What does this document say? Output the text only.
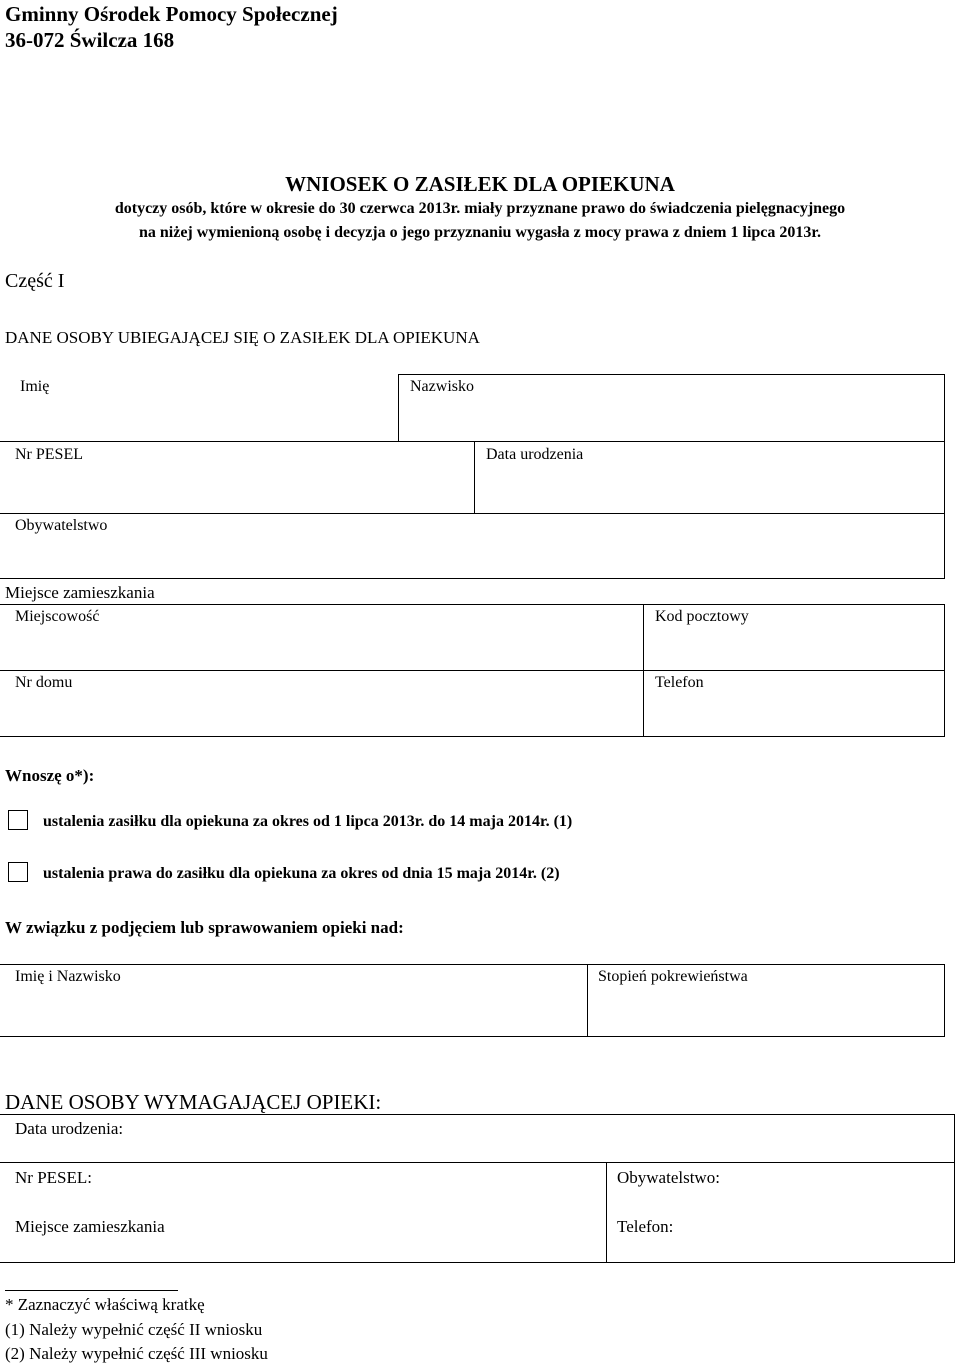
Gminny Ośrodek Pomocy Społecznej
36-072 Świlcza 168
WNIOSEK O ZASIŁEK DLA OPIEKUNA
dotyczy osób, które w okresie do 30 czerwca 2013r. miały przyznane prawo do świadczenia pielęgnacyjnego
na niżej wymienioną osobę i decyzja o jego przyznaniu wygasła z mocy prawa z dniem 1 lipca 2013r.
Część I
DANE OSOBY UBIEGAJĄCEJ SIĘ O ZASIŁEK DLA OPIEKUNA
Imię	Nazwisko
Nr PESEL	Data urodzenia
Obywatelstwo
Miejsce zamieszkania
Miejscowość	Kod pocztowy
Nr domu	Telefon
Wnoszę o*):
ustalenia zasiłku dla opiekuna za okres od 1 lipca 2013r. do 14 maja 2014r. (1)
ustalenia prawa do zasiłku dla opiekuna za okres od dnia 15 maja 2014r. (2)
W związku z podjęciem lub sprawowaniem opieki nad:
Imię i Nazwisko	Stopień pokrewieństwa
DANE OSOBY WYMAGAJĄCEJ OPIEKI:
Data urodzenia:
Nr PESEL:	Obywatelstwo:
Miejsce zamieszkania	Telefon:
* Zaznaczyć właściwą kratkę
(1) Należy wypełnić część II wniosku
(2) Należy wypełnić część III wniosku
